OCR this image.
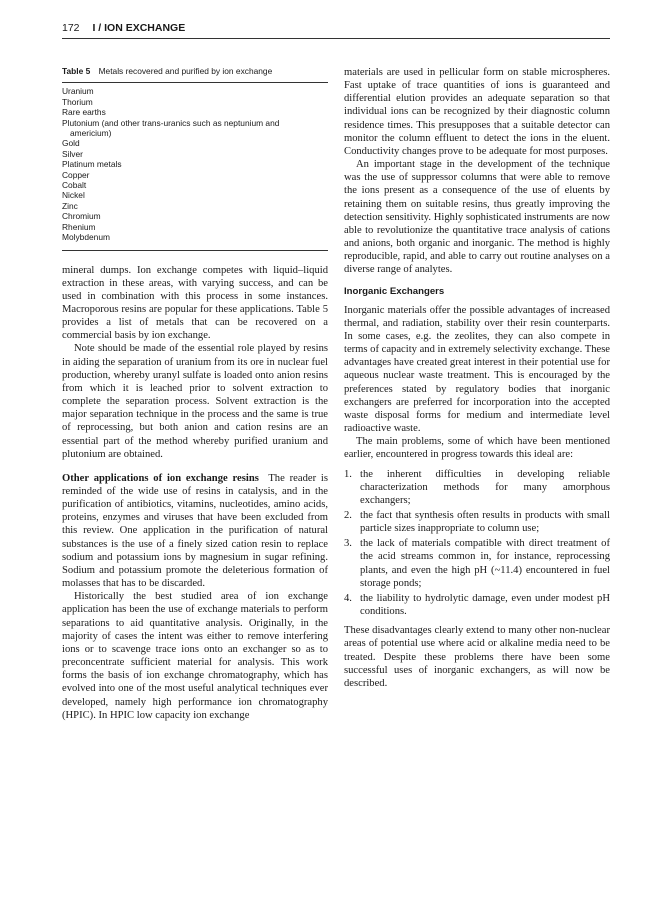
172 I / ION EXCHANGE
Table 5 Metals recovered and purified by ion exchange
Uranium
Thorium
Rare earths
Plutonium (and other trans-uranics such as neptunium and
americium)
Gold
Silver
Platinum metals
Copper
Cobalt
Nickel
Zinc
Chromium
Rhenium
Molybdenum

mineral dumps. Ion exchange competes with liquid–liquid extraction in these areas, with varying success, and can be used in combination with this process in some instances. Macroporous resins are popular for these applications. Table 5 provides a list of metals that can be recovered on a commercial basis by ion exchange.

Note should be made of the essential role played by resins in aiding the separation of uranium from its ore in nuclear fuel production, whereby uranyl sulfate is loaded onto anion resins from which it is leached prior to solvent extraction to complete the separation process. Solvent extraction is the major separation technique in the process and the same is true of reprocessing, but both anion and cation resins are an essential part of the method whereby purified uranium and plutonium are obtained.

Other applications of ion exchange resins The reader is reminded of the wide use of resins in catalysis, and in the purification of antibiotics, vitamins, nucleotides, amino acids, proteins, enzymes and viruses that have been excluded from this review. One application in the purification of natural substances is the use of a finely sized cation resin to replace sodium and potassium ions by magnesium in sugar refining. Sodium and potassium promote the deleterious formation of molasses that has to be discarded.

Historically the best studied area of ion exchange application has been the use of exchange materials to perform separations to aid quantitative analysis. Originally, in the majority of cases the intent was either to remove interfering ions or to scavenge trace ions onto an exchanger so as to preconcentrate sufficient material for analysis. This work forms the basis of ion exchange chromatography, which has evolved into one of the most useful analytical techniques ever developed, namely high performance ion chromatography (HPIC). In HPIC low capacity ion exchange

materials are used in pellicular form on stable microspheres. Fast uptake of trace quantities of ions is guaranteed and differential elution provides an adequate separation so that individual ions can be recognized by their diagnostic column residence times. This presupposes that a suitable detector can monitor the column effluent to detect the ions in the eluent. Conductivity changes prove to be adequate for most purposes.

An important stage in the development of the technique was the use of suppressor columns that were able to remove the ions present as a consequence of the use of eluents by retaining them on suitable resins, thus greatly improving the detection sensitivity. Highly sophisticated instruments are now able to revolutionize the quantitative trace analysis of cations and anions, both organic and inorganic. The method is highly reproducible, rapid, and able to carry out routine analyses on a diverse range of analytes.

Inorganic Exchangers

Inorganic materials offer the possible advantages of increased thermal, and radiation, stability over their resin counterparts. In some cases, e.g. the zeolites, they can also compete in terms of capacity and in extremely selectivity exchange. These advantages have created great interest in their potential use for aqueous nuclear waste treatment. This is encouraged by the preferences stated by regulatory bodies that inorganic exchangers are preferred for incorporation into the accepted waste disposal forms for medium and intermediate level radioactive waste.

The main problems, some of which have been mentioned earlier, encountered in progress towards this ideal are:

1. the inherent difficulties in developing reliable characterization methods for many amorphous exchangers;
2. the fact that synthesis often results in products with small particle sizes inappropriate to column use;
3. the lack of materials compatible with direct treatment of the acid streams common in, for instance, reprocessing plants, and even the high pH (~11.4) encountered in fuel storage ponds;
4. the liability to hydrolytic damage, even under modest pH conditions.

These disadvantages clearly extend to many other non-nuclear areas of potential use where acid or alkaline media need to be treated. Despite these problems there have been some successful uses of inorganic exchangers, as will now be described.
